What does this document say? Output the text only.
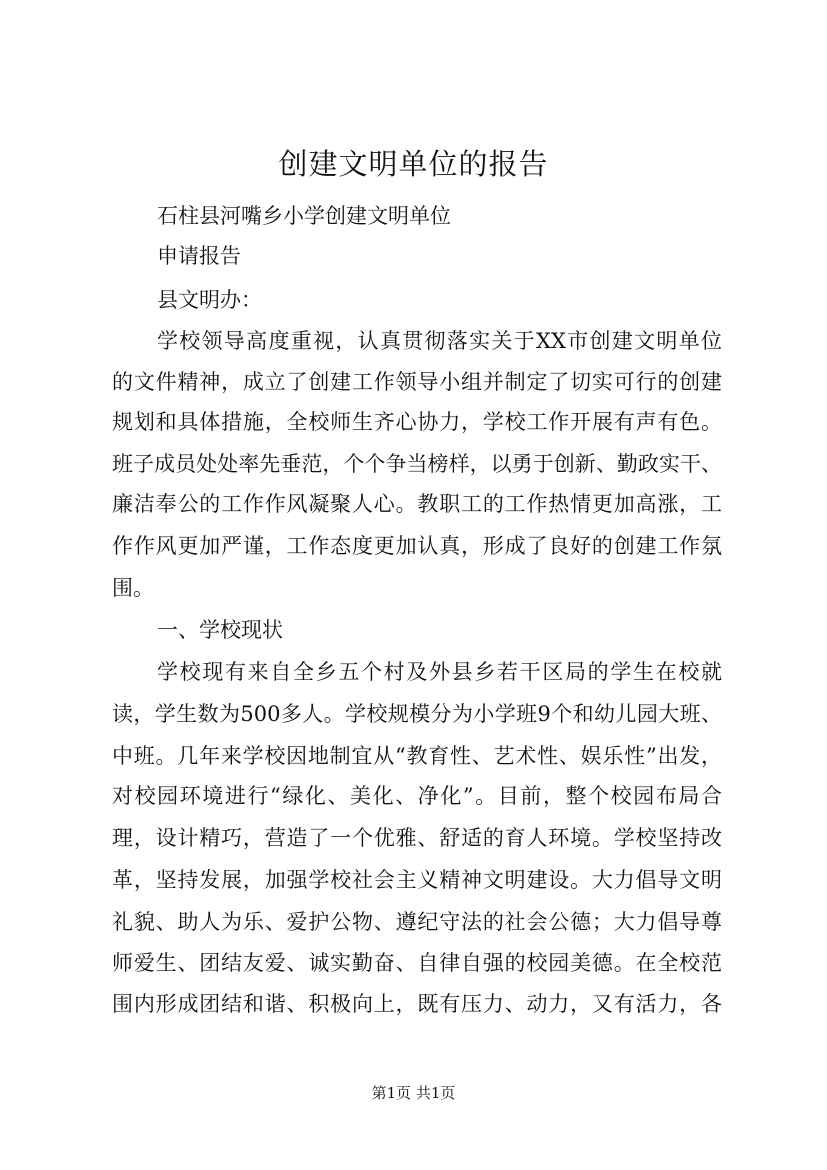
创建文明单位的报告
石柱县河嘴乡小学创建文明单位
申请报告
县文明办：
学校领导高度重视，认真贯彻落实关于XX市创建文明单位
的文件精神，成立了创建工作领导小组并制定了切实可行的创建
规划和具体措施，全校师生齐心协力，学校工作开展有声有色。
班子成员处处率先垂范，个个争当榜样，以勇于创新、勤政实干、
廉洁奉公的工作作风凝聚人心。教职工的工作热情更加高涨，工
作作风更加严谨，工作态度更加认真，形成了良好的创建工作氛
围。
一、学校现状
学校现有来自全乡五个村及外县乡若干区局的学生在校就
读，学生数为500多人。学校规模分为小学班9个和幼儿园大班、
中班。几年来学校因地制宜从“教育性、艺术性、娱乐性”出发，
对校园环境进行“绿化、美化、净化”。目前，整个校园布局合
理，设计精巧，营造了一个优雅、舒适的育人环境。学校坚持改
革，坚持发展，加强学校社会主义精神文明建设。大力倡导文明
礼貌、助人为乐、爱护公物、遵纪守法的社会公德；大力倡导尊
师爱生、团结友爱、诚实勤奋、自律自强的校园美德。在全校范
围内形成团结和谐、积极向上，既有压力、动力，又有活力，各
第1页 共1页
